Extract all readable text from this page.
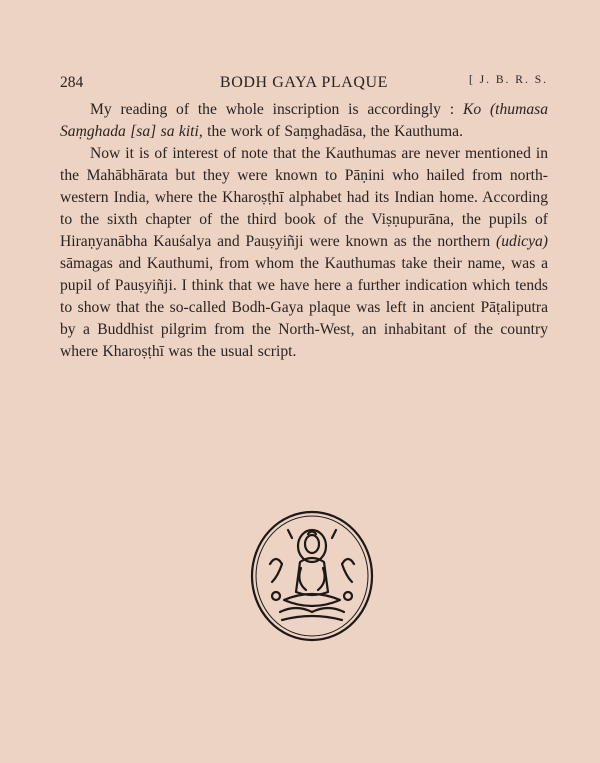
284	BODH GAYA PLAQUE	[ J. B. R. S.

My reading of the whole inscription is accordingly : Ko (thumasa Saṃghada [sa] sa kiti, the work of Saṃghadāsa, the Kauthuma.

Now it is of interest of note that the Kauthumas are never mentioned in the Mahābhārata but they were known to Pāṇini who hailed from north-western India, where the Kharoṣṭhī alphabet had its Indian home. According to the sixth chapter of the third book of the Viṣṇupurāna, the pupils of Hiraṇyanābha Kauśalya and Pauṣyiñji were known as the northern (udicya) sāmagas and Kauthumi, from whom the Kauthumas take their name, was a pupil of Pauṣyiñji. I think that we have here a further indication which tends to show that the so-called Bodh-Gaya plaque was left in ancient Pāṭaliputra by a Buddhist pilgrim from the North-West, an inhabitant of the country where Kharoṣṭhī was the usual script.
